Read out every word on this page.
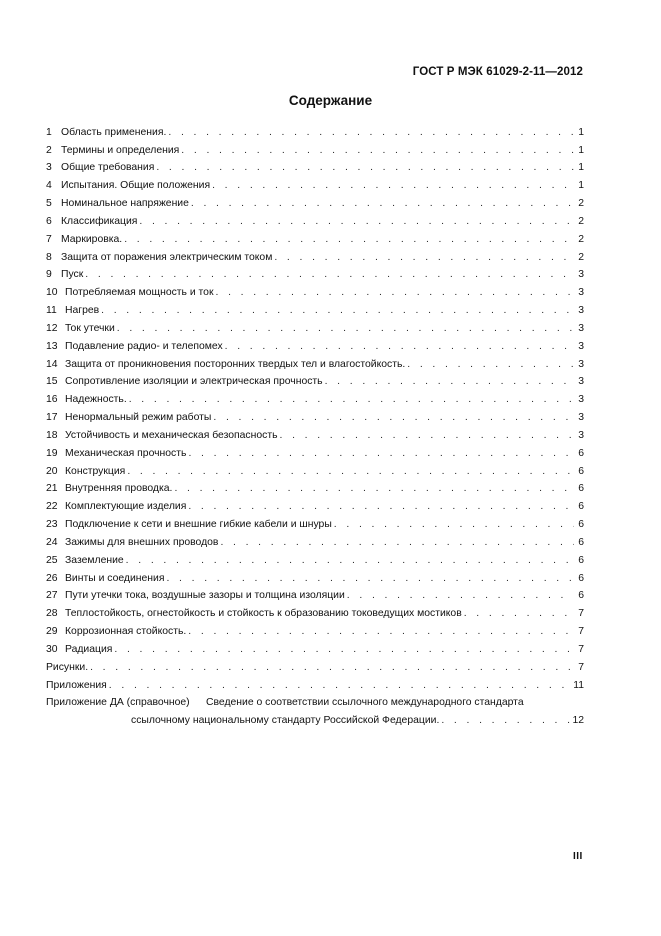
ГОСТ Р МЭК 61029-2-11—2012
Содержание
1 Область применения. . . .	1
2 Термины и определения . . .	1
3 Общие требования . . .	1
4 Испытания. Общие положения . . .	1
5 Номинальное напряжение . . .	2
6 Классификация . . .	2
7 Маркировка. . . .	2
8 Защита от поражения электрическим током . . .	2
9 Пуск . . .	3
10 Потребляемая мощность и ток . . .	3
11 Нагрев . . .	3
12 Ток утечки . . .	3
13 Подавление радио- и телепомех . . .	3
14 Защита от проникновения посторонних твердых тел и влагостойкость. . . .	3
15 Сопротивление изоляции и электрическая прочность . . .	3
16 Надежность. . . .	3
17 Ненормальный режим работы . . .	3
18 Устойчивость и механическая безопасность . . .	3
19 Механическая прочность . . .	6
20 Конструкция . . .	6
21 Внутренняя проводка. . . .	6
22 Комплектующие изделия . . .	6
23 Подключение к сети и внешние гибкие кабели и шнуры . . .	6
24 Зажимы для внешних проводов . . .	6
25 Заземление . . .	6
26 Винты и соединения . . .	6
27 Пути утечки тока, воздушные зазоры и толщина изоляции . . .	6
28 Теплостойкость, огнестойкость и стойкость к образованию токоведущих мостиков . . .	7
29 Коррозионная стойкость. . . .	7
30 Радиация . . .	7
Рисунки. . . .	7
Приложения . . .	11
Приложение ДА (справочное)	Сведение о соответствии ссылочного международного стандарта
ссылочному национальному стандарту Российской Федерации. . . .	12
III
